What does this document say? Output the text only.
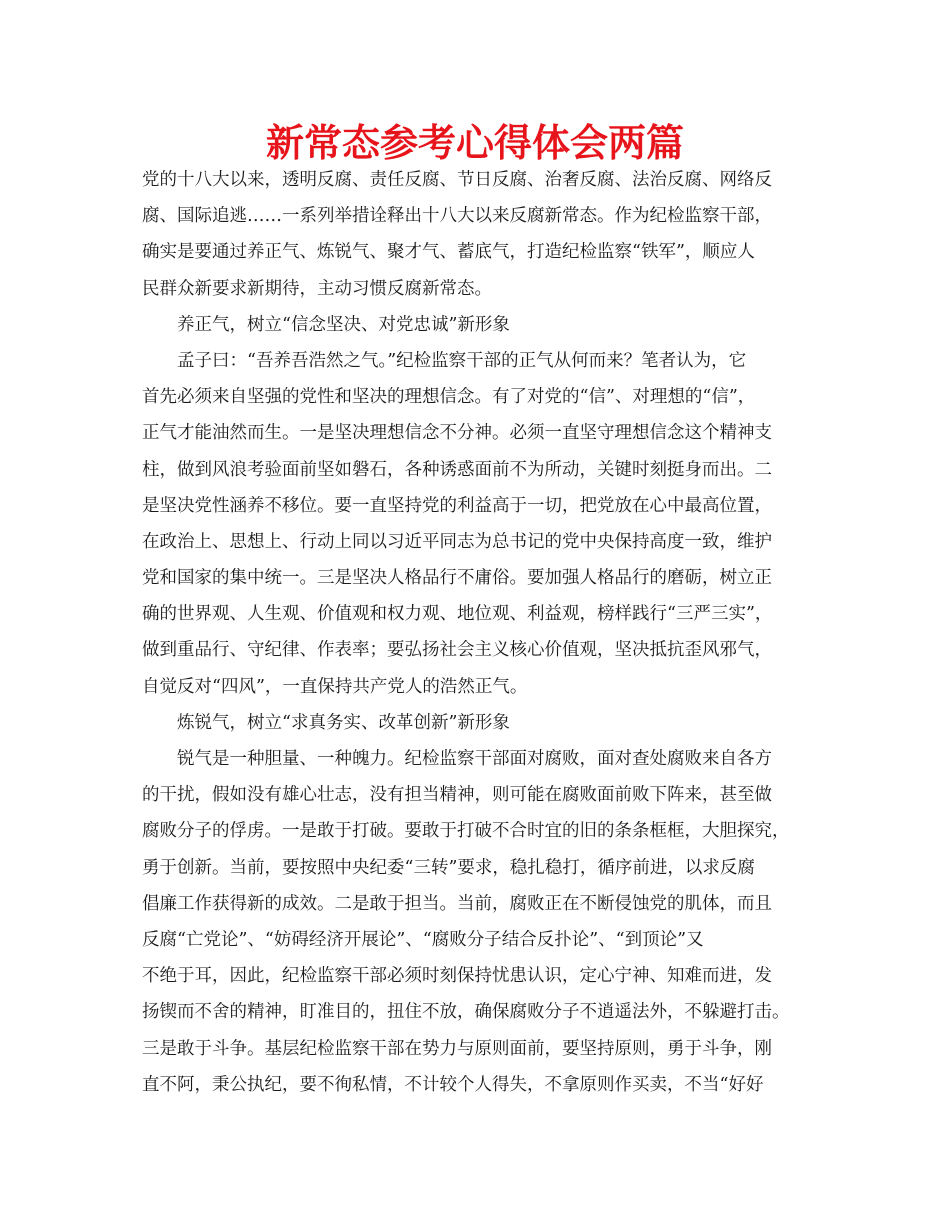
新常态参考心得体会两篇
党的十八大以来，透明反腐、责任反腐、节日反腐、治奢反腐、法治反腐、网络反
腐、国际追逃……一系列举措诠释出十八大以来反腐新常态。作为纪检监察干部，
确实是要通过养正气、炼锐气、聚才气、蓄底气，打造纪检监察“铁军”，顺应人
民群众新要求新期待，主动习惯反腐新常态。
养正气，树立“信念坚决、对党忠诚”新形象
孟子曰：“吾养吾浩然之气。”纪检监察干部的正气从何而来？笔者认为，它
首先必须来自坚强的党性和坚决的理想信念。有了对党的“信”、对理想的“信”，
正气才能油然而生。一是坚决理想信念不分神。必须一直坚守理想信念这个精神支
柱，做到风浪考验面前坚如磐石，各种诱惑面前不为所动，关键时刻挺身而出。二
是坚决党性涵养不移位。要一直坚持党的利益高于一切，把党放在心中最高位置，
在政治上、思想上、行动上同以习近平同志为总书记的党中央保持高度一致，维护
党和国家的集中统一。三是坚决人格品行不庸俗。要加强人格品行的磨砺，树立正
确的世界观、人生观、价值观和权力观、地位观、利益观，榜样践行“三严三实”，
做到重品行、守纪律、作表率；要弘扬社会主义核心价值观，坚决抵抗歪风邪气，
自觉反对“四风”，一直保持共产党人的浩然正气。
炼锐气，树立“求真务实、改革创新”新形象
锐气是一种胆量、一种魄力。纪检监察干部面对腐败，面对查处腐败来自各方
的干扰，假如没有雄心壮志，没有担当精神，则可能在腐败面前败下阵来，甚至做
腐败分子的俘虏。一是敢于打破。要敢于打破不合时宜的旧的条条框框，大胆探究，
勇于创新。当前，要按照中央纪委“三转”要求，稳扎稳打，循序前进，以求反腐
倡廉工作获得新的成效。二是敢于担当。当前，腐败正在不断侵蚀党的肌体，而且
反腐“亡党论”、“妨碍经济开展论”、“腐败分子结合反扑论”、“到顶论”又
不绝于耳，因此，纪检监察干部必须时刻保持忧患认识，定心宁神、知难而进，发
扬锲而不舍的精神，盯准目的，扭住不放，确保腐败分子不逍遥法外，不躲避打击。
三是敢于斗争。基层纪检监察干部在势力与原则面前，要坚持原则，勇于斗争，刚
直不阿，秉公执纪，要不徇私情，不计较个人得失，不拿原则作买卖，不当“好好
